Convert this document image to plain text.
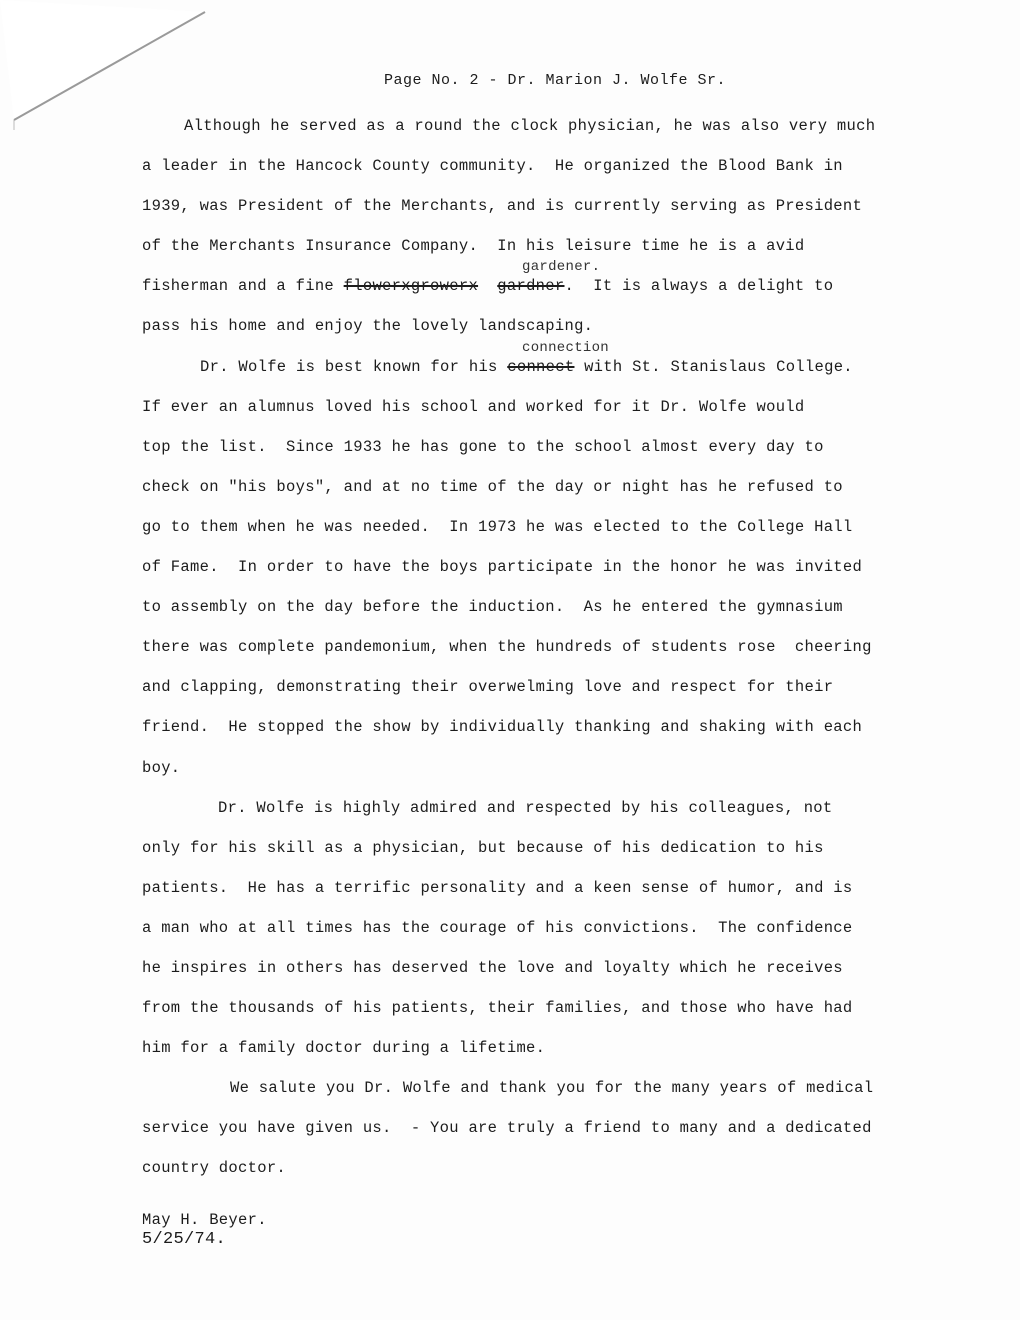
Page No. 2 - Dr. Marion J. Wolfe Sr.
Although he served as a round the clock physician, he was also very much
a leader in the Hancock County community.  He organized the Blood Bank in
1939, was President of the Merchants, and is currently serving as President
of the Merchants Insurance Company.  In his leisure time he is a avid
fisherman and a fine flowerxgrowerx gardner.  It is always a delight to
gardener.
pass his home and enjoy the lovely landscaping.
Dr. Wolfe is best known for his connect with St. Stanislaus College.
connection
If ever an alumnus loved his school and worked for it Dr. Wolfe would
top the list.  Since 1933 he has gone to the school almost every day to
check on "his boys", and at no time of the day or night has he refused to
go to them when he was needed.  In 1973 he was elected to the College Hall
of Fame.  In order to have the boys participate in the honor he was invited
to assembly on the day before the induction.  As he entered the gymnasium
there was complete pandemonium, when the hundreds of students rose  cheering
and clapping, demonstrating their overwelming love and respect for their
friend.  He stopped the show by individually thanking and shaking with each
boy.
Dr. Wolfe is highly admired and respected by his colleagues, not
only for his skill as a physician, but because of his dedication to his
patients.  He has a terrific personality and a keen sense of humor, and is
a man who at all times has the courage of his convictions.  The confidence
he inspires in others has deserved the love and loyalty which he receives
from the thousands of his patients, their families, and those who have had
him for a family doctor during a lifetime.
We salute you Dr. Wolfe and thank you for the many years of medical
service you have given us.  - You are truly a friend to many and a dedicated
country doctor.
May H. Beyer.
5/25/74.
